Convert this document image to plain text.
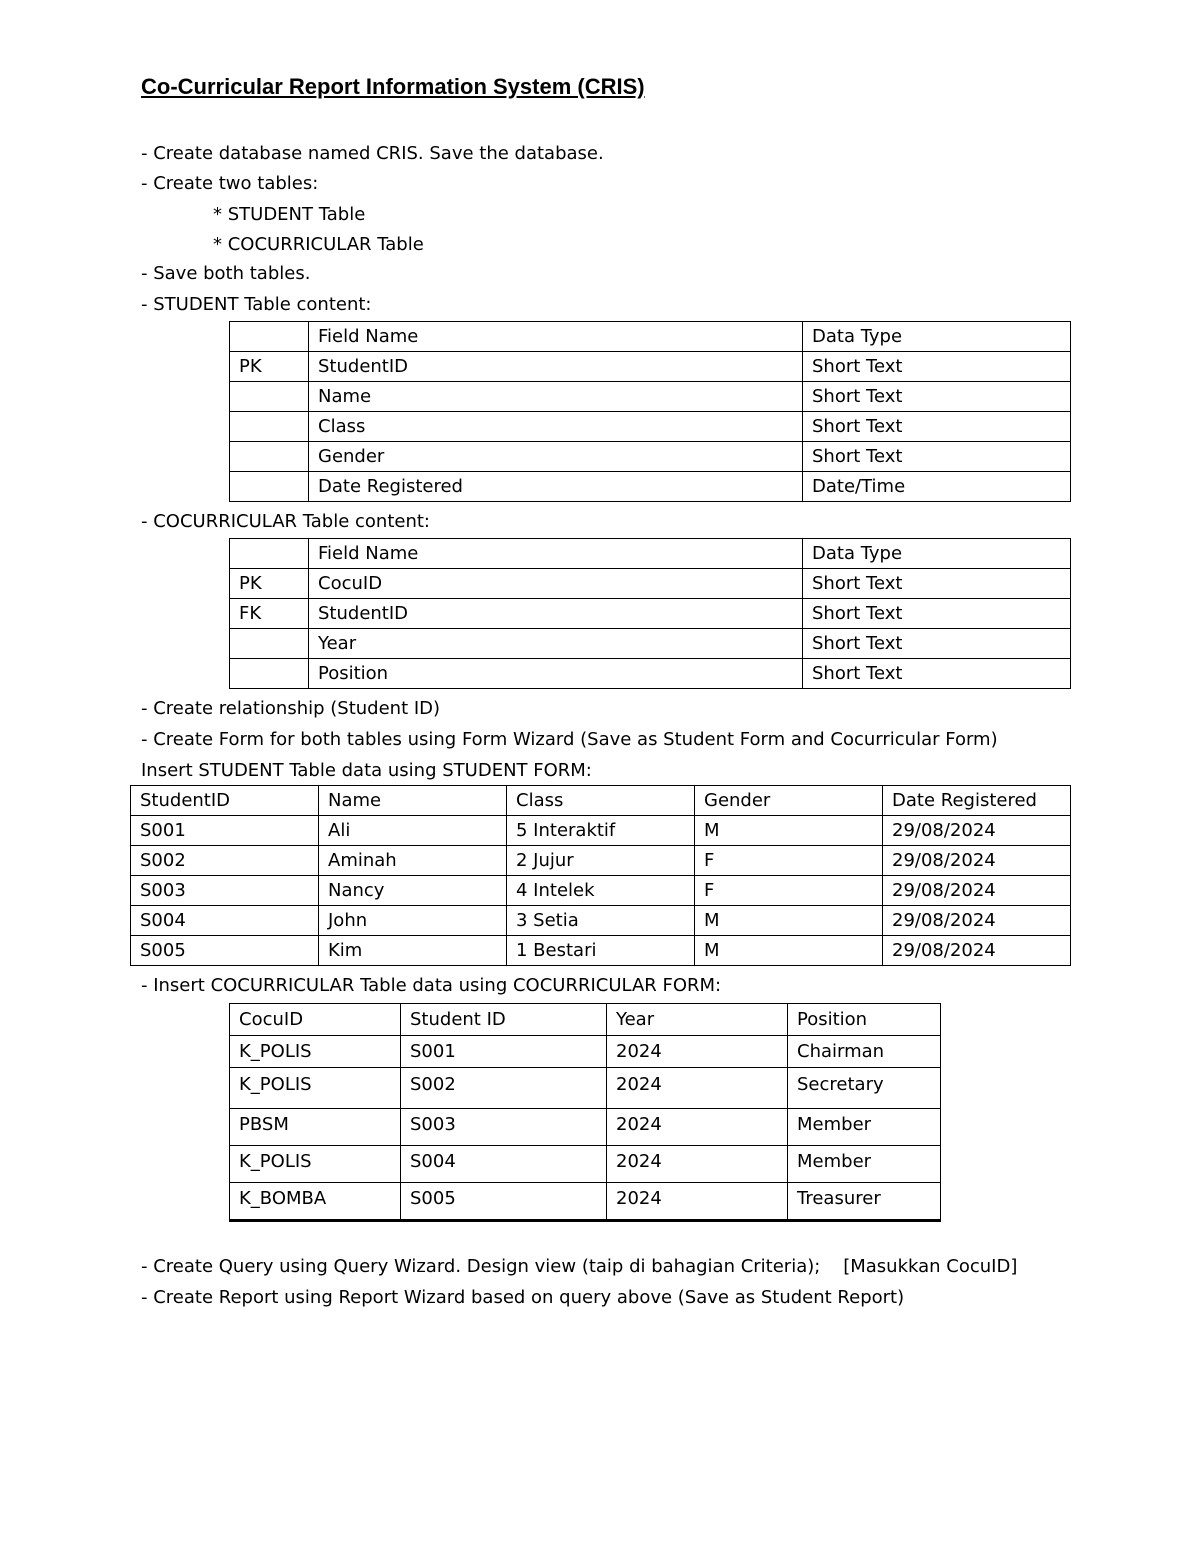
Co-Curricular Report Information System (CRIS)
- Create database named CRIS. Save the database.
- Create two tables:
* STUDENT Table
* COCURRICULAR Table
- Save both tables.
- STUDENT Table content:
	Field Name	Data Type
PK	StudentID	Short Text
	Name	Short Text
	Class	Short Text
	Gender	Short Text
	Date Registered	Date/Time
- COCURRICULAR Table content:
	Field Name	Data Type
PK	CocuID	Short Text
FK	StudentID	Short Text
	Year	Short Text
	Position	Short Text
- Create relationship (Student ID)
- Create Form for both tables using Form Wizard (Save as Student Form and Cocurricular Form)
Insert STUDENT Table data using STUDENT FORM:
StudentID	Name	Class	Gender	Date Registered
S001	Ali	5 Interaktif	M	29/08/2024
S002	Aminah	2 Jujur	F	29/08/2024
S003	Nancy	4 Intelek	F	29/08/2024
S004	John	3 Setia	M	29/08/2024
S005	Kim	1 Bestari	M	29/08/2024
- Insert COCURRICULAR Table data using COCURRICULAR FORM:
CocuID	Student ID	Year	Position
K_POLIS	S001	2024	Chairman
K_POLIS	S002	2024	Secretary
PBSM	S003	2024	Member
K_POLIS	S004	2024	Member
K_BOMBA	S005	2024	Treasurer
- Create Query using Query Wizard. Design view (taip di bahagian Criteria);    [Masukkan CocuID]
- Create Report using Report Wizard based on query above (Save as Student Report)
